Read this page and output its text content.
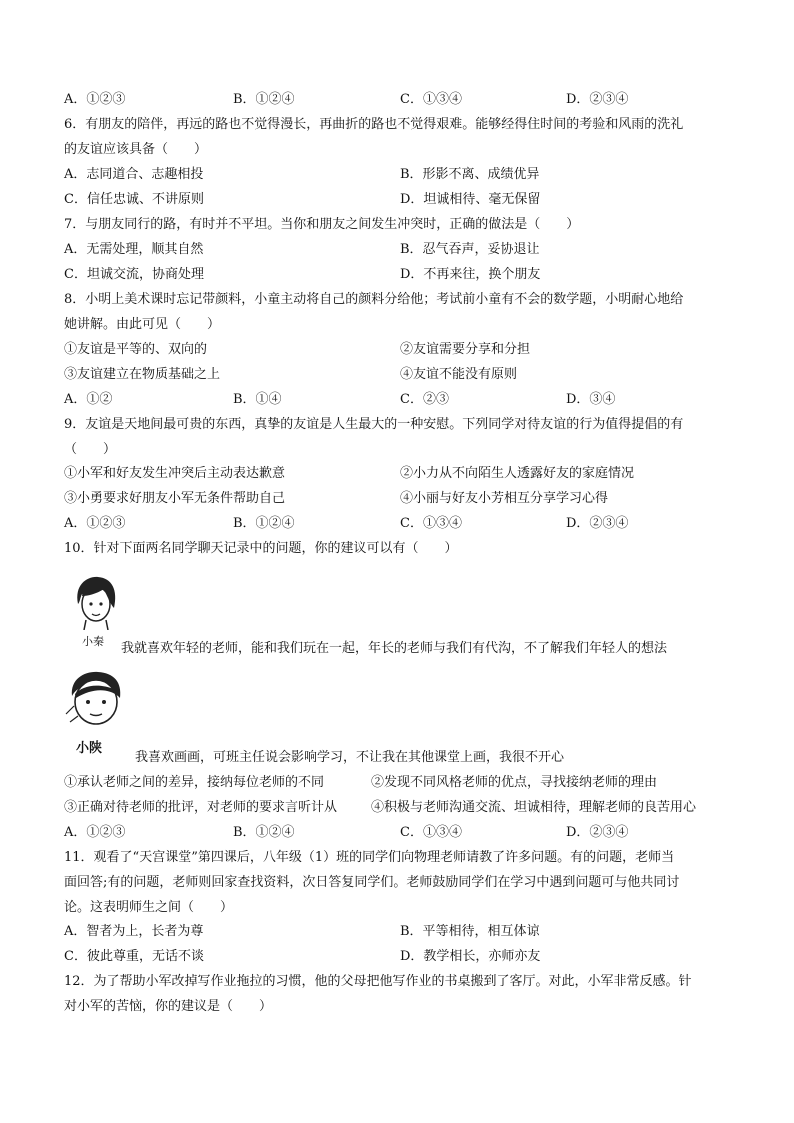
A．①②③	B．①②④	C．①③④	D．②③④
6．有朋友的陪伴，再远的路也不觉得漫长，再曲折的路也不觉得艰难。能够经得住时间的考验和风雨的洗礼
的友谊应该具备（　　）
A．志同道合、志趣相投	B．形影不离、成绩优异
C．信任忠诚、不讲原则	D．坦诚相待、毫无保留
7．与朋友同行的路，有时并不平坦。当你和朋友之间发生冲突时，正确的做法是（　　）
A．无需处理，顺其自然	B．忍气吞声，妥协退让
C．坦诚交流，协商处理	D．不再来往，换个朋友
8．小明上美术课时忘记带颜料，小童主动将自己的颜料分给他；考试前小童有不会的数学题，小明耐心地给
她讲解。由此可见（　　）
①友谊是平等的、双向的	②友谊需要分享和分担
③友谊建立在物质基础之上	④友谊不能没有原则
A．①②	B．①④	C．②③	D．③④
9．友谊是天地间最可贵的东西，真挚的友谊是人生最大的一种安慰。下列同学对待友谊的行为值得提倡的有
（　　）
①小军和好友发生冲突后主动表达歉意	②小力从不向陌生人透露好友的家庭情况
③小勇要求好朋友小军无条件帮助自己	④小丽与好友小芳相互分享学习心得
A．①②③	B．①②④	C．①③④	D．②③④
10．针对下面两名同学聊天记录中的问题，你的建议可以有（　　）
小秦 我就喜欢年轻的老师，能和我们玩在一起，年长的老师与我们有代沟，不了解我们年轻人的想法
小陕
我喜欢画画，可班主任说会影响学习，不让我在其他课堂上画，我很不开心
①承认老师之间的差异，接纳每位老师的不同	②发现不同风格老师的优点，寻找接纳老师的理由
③正确对待老师的批评，对老师的要求言听计从	④积极与老师沟通交流、坦诚相待，理解老师的良苦用心
A．①②③	B．①②④	C．①③④	D．②③④
11．观看了“天宫课堂”第四课后，八年级（1）班的同学们向物理老师请教了许多问题。有的问题，老师当
面回答;有的问题，老师则回家查找资料，次日答复同学们。老师鼓励同学们在学习中遇到问题可与他共同讨
论。这表明师生之间（　　）
A．智者为上，长者为尊	B．平等相待，相互体谅
C．彼此尊重，无话不谈	D．教学相长，亦师亦友
12．为了帮助小军改掉写作业拖拉的习惯，他的父母把他写作业的书桌搬到了客厅。对此，小军非常反感。针
对小军的苦恼，你的建议是（　　）
